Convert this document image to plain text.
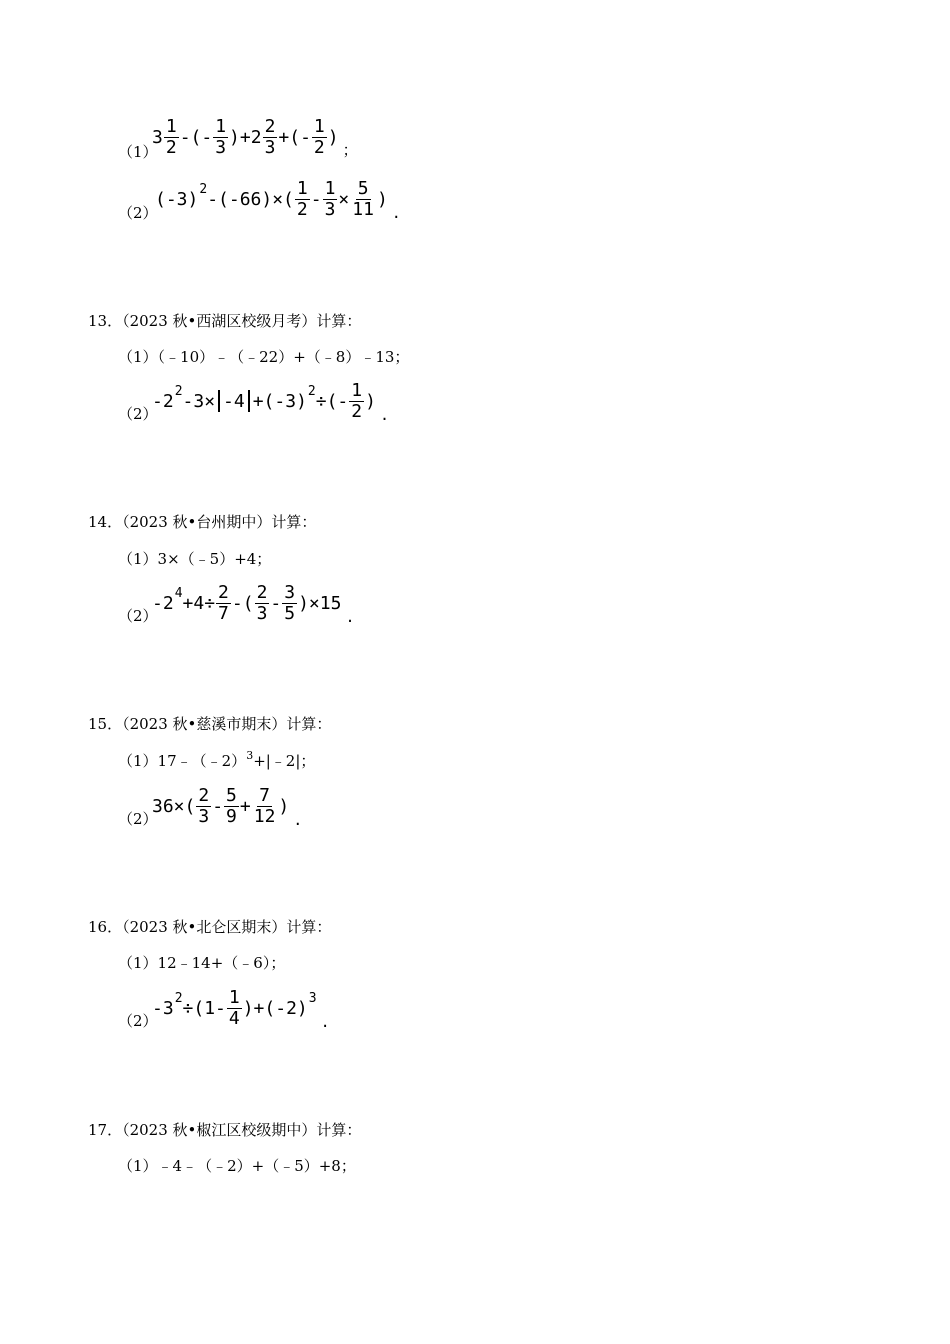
（1）
$3 \frac{1}{2}$ -(- $\frac{1}{3} )+2 \frac{2}{3}$ +(- $\frac{1}{2}$ )
；
（2）
(-3) 2 $-(-66)\times( \frac{1}{2} - \frac{1}{3} \times \frac{5}{11}$ )
.
13．（2023 秋•西湖区校级月考）计算：
（1）（﹣10）﹣（﹣22）+（﹣8）﹣13；
（2）
-2 2 -3× -4 +(-3) 2 ÷(- $\frac{1}{2}$ )
.
14．（2023 秋•台州期中）计算：
（1）3×（﹣5）+4；
（2）
-2 $4 +4\div \frac{2}{7}$ -( $\frac{2}{3} - \frac{3}{5} )\times 15$
.
15．（2023 秋•慈溪市期末）计算：
（1）17﹣（﹣2）$^3$+|﹣2|；
（2）
$36\times( \frac{2}{3} - \frac{5}{9} + \frac{7}{12}$ )
.
16．（2023 秋•北仑区期末）计算：
（1）12﹣14+（﹣6）；
（2）
-3 $2 \div(1- \frac{1}{4} )+(-2)$ 3
.
17．（2023 秋•椒江区校级期中）计算：
（1）﹣4﹣（﹣2）+（﹣5）+8；
